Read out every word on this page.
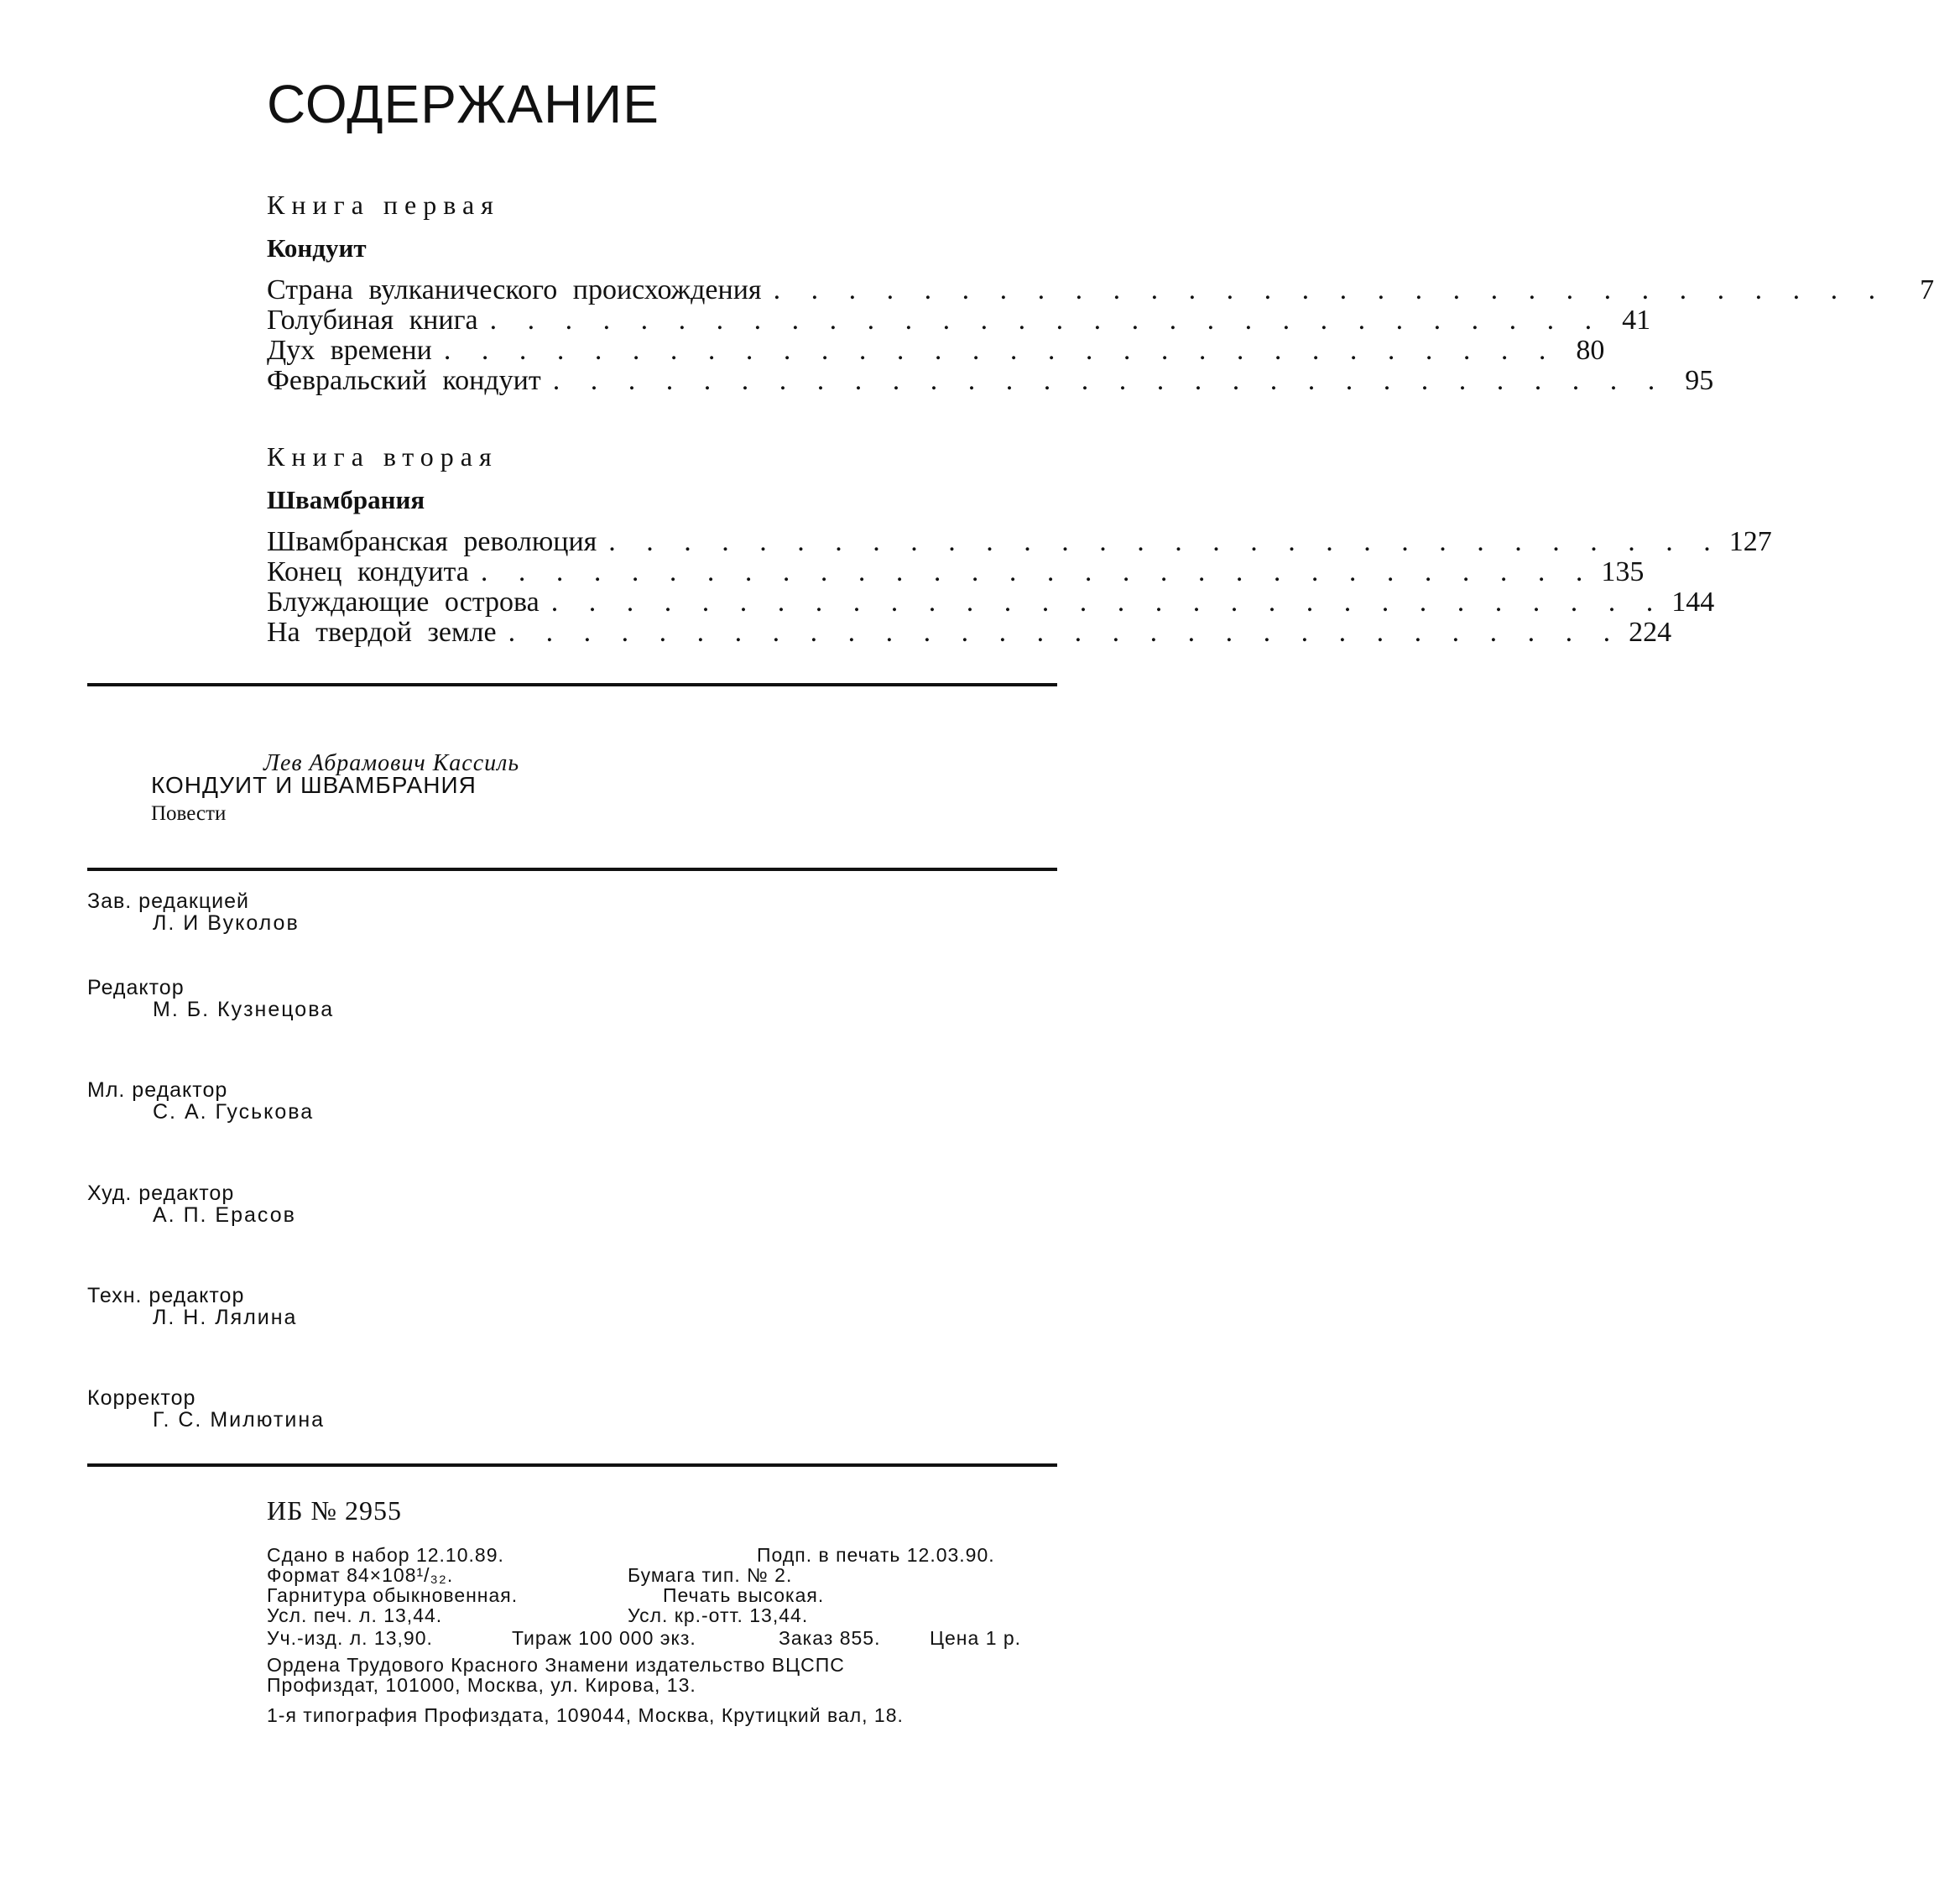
СОДЕРЖАНИЕ
Книга первая
Кондуит
Страна вулканического происхождения . . . . . . . . . . . . . . . . . . . . . . . . . . . . . .	7
Голубиная книга . . . . . . . . . . . . . . . . . . . . . . . . . . . . . . 41
Дух времени . . . . . . . . . . . . . . . . . . . . . . . . . . . . . . 80
Февральский кондуит . . . . . . . . . . . . . . . . . . . . . . . . . . . . . . 95
Книга вторая
Швамбрания
Швамбранская революция . . . . . . . . . . . . . . . . . . . . . . . . . . . . . . 127
Конец кондуита . . . . . . . . . . . . . . . . . . . . . . . . . . . . . . 135
Блуждающие острова . . . . . . . . . . . . . . . . . . . . . . . . . . . . . . 144
На твердой земле . . . . . . . . . . . . . . . . . . . . . . . . . . . . . . 224
Лев Абрамович Кассиль
КОНДУИТ И ШВАМБРАНИЯ
Повести
Зав. редакцией
Л. И Вуколов
Редактор
М. Б. Кузнецова
Мл. редактор
С. А. Гуськова
Худ. редактор
А. П. Ерасов
Техн. редактор
Л. Н. Лялина
Корректор
Г. С. Милютина
ИБ № 2955
Сдано в набор 12.10.89.	Подп. в печать 12.03.90.
Формат 84×108¹/₃₂.	Бумага тип. № 2.
Гарнитура обыкновенная.	Печать высокая.
Усл. печ. л. 13,44.	Усл. кр.-отт. 13,44.
Уч.-изд. л. 13,90.	Тираж 100 000 экз.	Заказ 855.	Цена 1 р.
Ордена Трудового Красного Знамени издательство ВЦСПС
Профиздат, 101000, Москва, ул. Кирова, 13.
1-я типография Профиздата, 109044, Москва, Крутицкий вал, 18.
